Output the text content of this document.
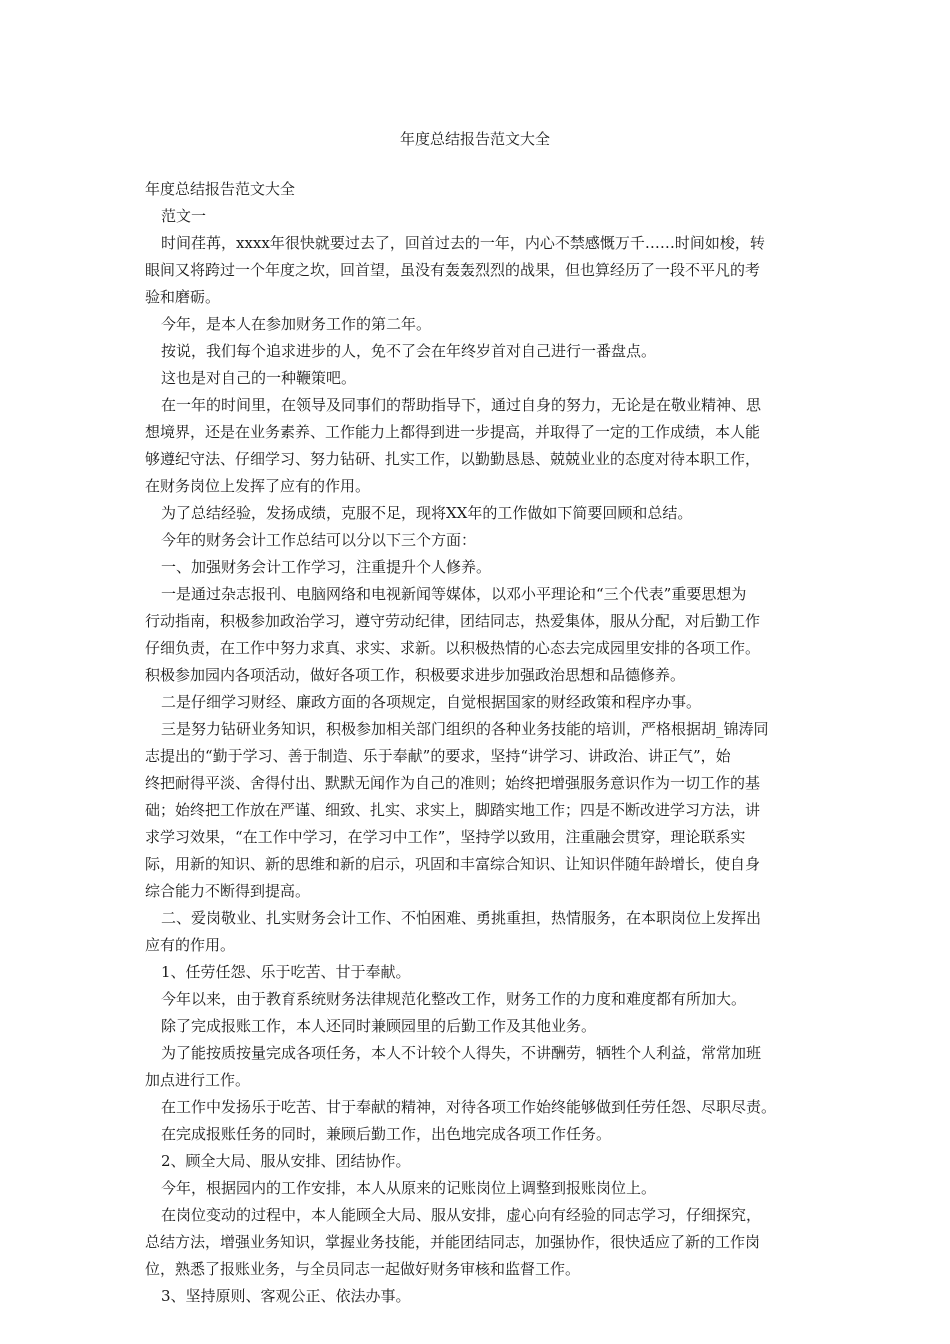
年度总结报告范文大全

年度总结报告范文大全

范文一

时间荏苒，xxxx年很快就要过去了，回首过去的一年，内心不禁感慨万千……时间如梭，转

眼间又将跨过一个年度之坎，回首望，虽没有轰轰烈烈的战果，但也算经历了一段不平凡的考

验和磨砺。

今年，是本人在参加财务工作的第二年。

按说，我们每个追求进步的人，免不了会在年终岁首对自己进行一番盘点。

这也是对自己的一种鞭策吧。

在一年的时间里，在领导及同事们的帮助指导下，通过自身的努力，无论是在敬业精神、思

想境界，还是在业务素养、工作能力上都得到进一步提高，并取得了一定的工作成绩，本人能

够遵纪守法、仔细学习、努力钻研、扎实工作，以勤勤恳恳、兢兢业业的态度对待本职工作，

在财务岗位上发挥了应有的作用。

为了总结经验，发扬成绩，克服不足，现将XX年的工作做如下简要回顾和总结。

今年的财务会计工作总结可以分以下三个方面：

一、加强财务会计工作学习，注重提升个人修养。

一是通过杂志报刊、电脑网络和电视新闻等媒体，以邓小平理论和“三个代表”重要思想为

行动指南，积极参加政治学习，遵守劳动纪律，团结同志，热爱集体，服从分配，对后勤工作

仔细负责，在工作中努力求真、求实、求新。以积极热情的心态去完成园里安排的各项工作。

积极参加园内各项活动，做好各项工作，积极要求进步加强政治思想和品德修养。

二是仔细学习财经、廉政方面的各项规定，自觉根据国家的财经政策和程序办事。

三是努力钻研业务知识，积极参加相关部门组织的各种业务技能的培训，严格根据胡_锦涛同

志提出的“勤于学习、善于制造、乐于奉献”的要求，坚持“讲学习、讲政治、讲正气”，始

终把耐得平淡、舍得付出、默默无闻作为自己的准则；始终把增强服务意识作为一切工作的基

础；始终把工作放在严谨、细致、扎实、求实上，脚踏实地工作；四是不断改进学习方法，讲

求学习效果，“在工作中学习，在学习中工作”，坚持学以致用，注重融会贯穿，理论联系实

际，用新的知识、新的思维和新的启示，巩固和丰富综合知识、让知识伴随年龄增长，使自身

综合能力不断得到提高。

二、爱岗敬业、扎实财务会计工作、不怕困难、勇挑重担，热情服务，在本职岗位上发挥出

应有的作用。

1、任劳任怨、乐于吃苦、甘于奉献。

今年以来，由于教育系统财务法律规范化整改工作，财务工作的力度和难度都有所加大。

除了完成报账工作，本人还同时兼顾园里的后勤工作及其他业务。

为了能按质按量完成各项任务，本人不计较个人得失，不讲酬劳，牺牲个人利益，常常加班

加点进行工作。

在工作中发扬乐于吃苦、甘于奉献的精神，对待各项工作始终能够做到任劳任怨、尽职尽责。

在完成报账任务的同时，兼顾后勤工作，出色地完成各项工作任务。

2、顾全大局、服从安排、团结协作。

今年，根据园内的工作安排，本人从原来的记账岗位上调整到报账岗位上。

在岗位变动的过程中，本人能顾全大局、服从安排，虚心向有经验的同志学习，仔细探究，

总结方法，增强业务知识，掌握业务技能，并能团结同志，加强协作，很快适应了新的工作岗

位，熟悉了报账业务，与全员同志一起做好财务审核和监督工作。

3、坚持原则、客观公正、依法办事。
